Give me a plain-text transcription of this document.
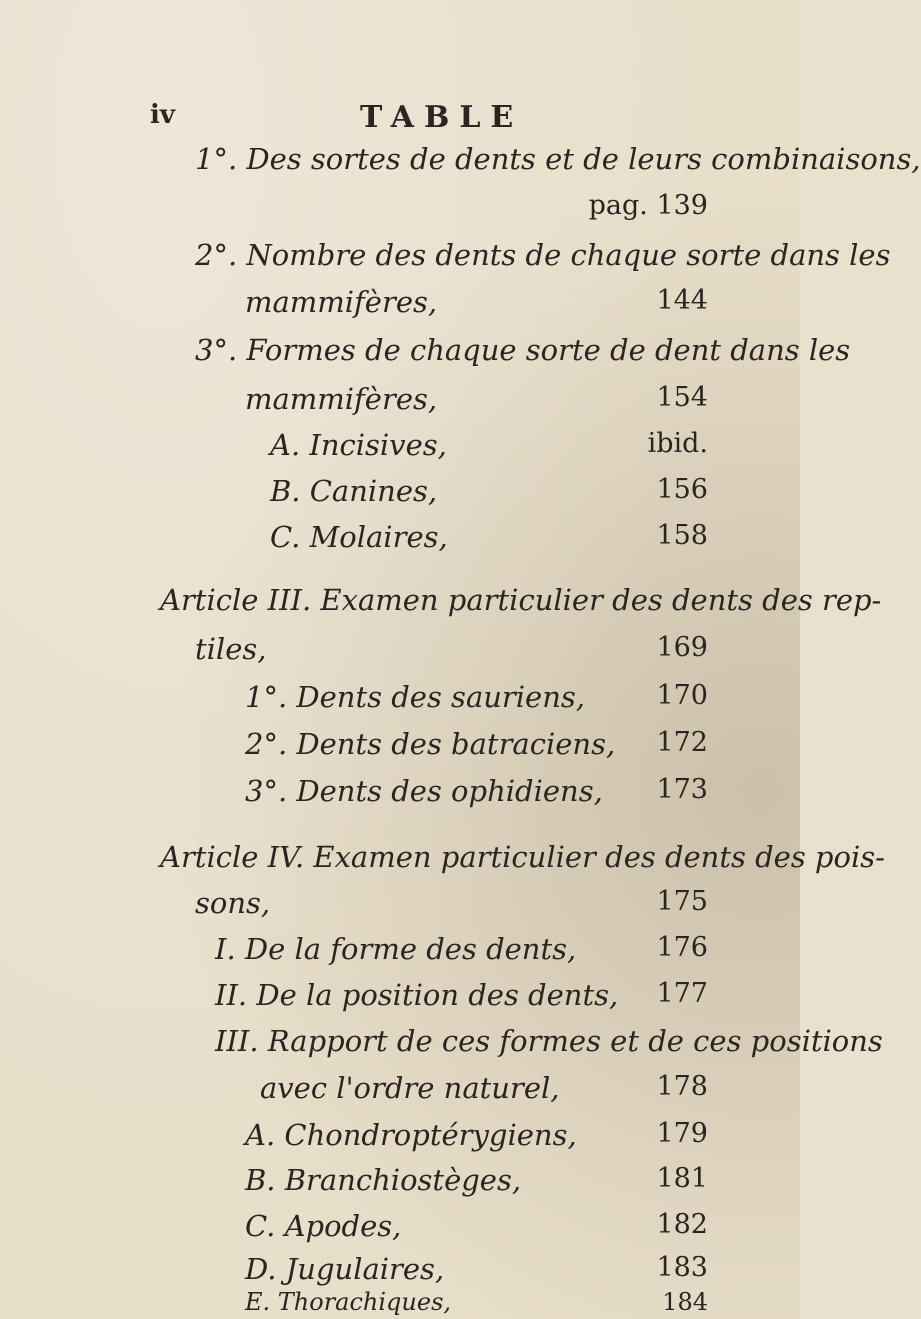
iv	TABLE
1°. Des sortes de dents et de leurs combinaisons,
pag. 139
2°. Nombre des dents de chaque sorte dans les
mammifères,	144
3°. Formes de chaque sorte de dent dans les
mammifères,	154
A. Incisives,	ibid.
B. Canines,	156
C. Molaires,	158
Article III. Examen particulier des dents des rep-
tiles,	169
1°. Dents des sauriens,	170
2°. Dents des batraciens,	172
3°. Dents des ophidiens,	173
Article IV. Examen particulier des dents des pois-
sons,	175
I. De la forme des dents,	176
II. De la position des dents,	177
III. Rapport de ces formes et de ces positions
avec l'ordre naturel,	178
A. Chondroptérygiens,	179
B. Branchiostèges,	181
C. Apodes,	182
D. Jugulaires,	183
E. Thorachiques,	184
